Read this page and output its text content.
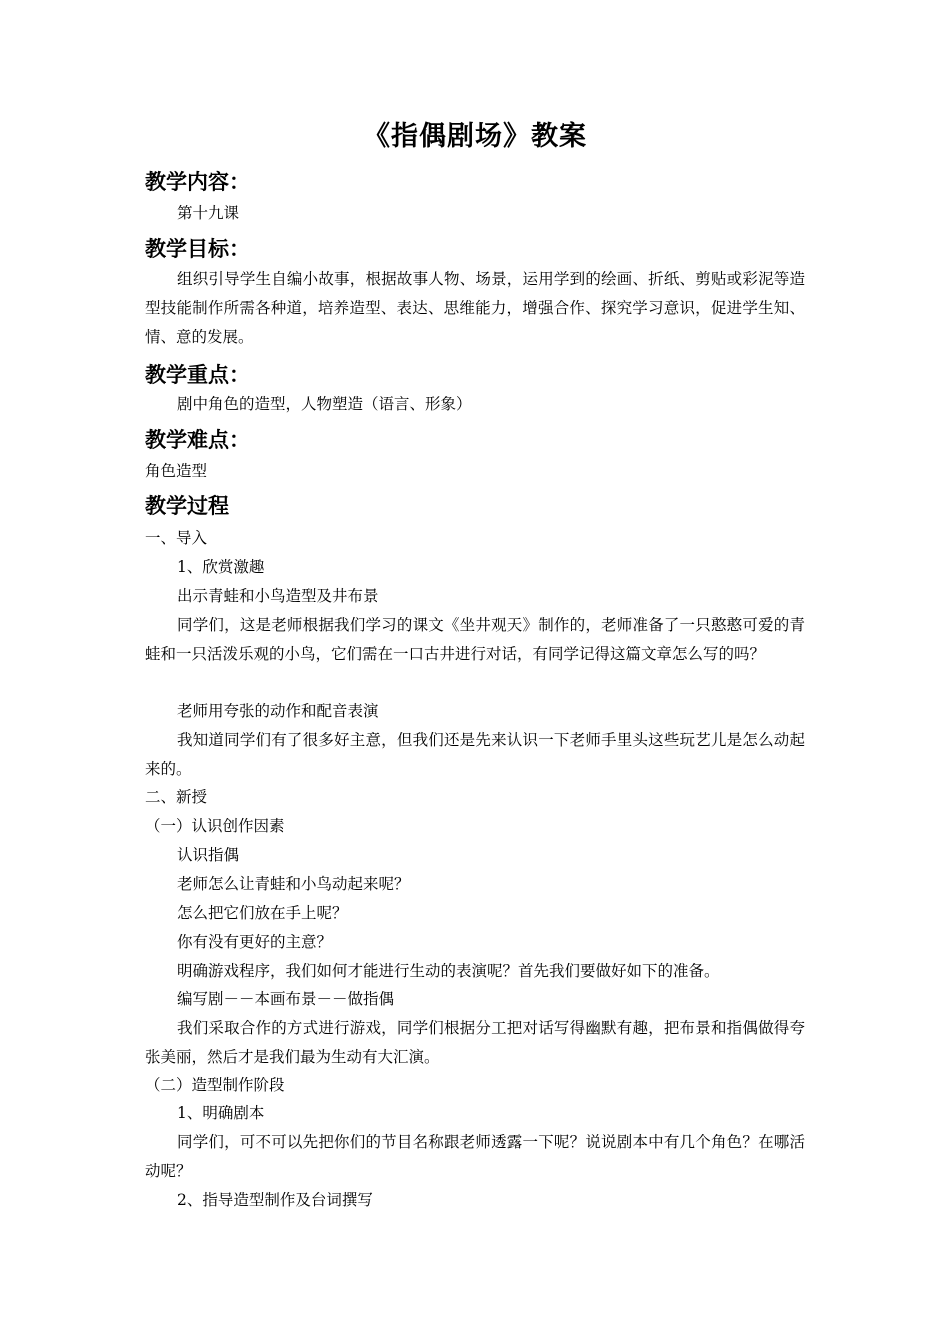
《指偶剧场》教案
教学内容：
第十九课
教学目标：
组织引导学生自编小故事，根据故事人物、场景，运用学到的绘画、折纸、剪贴或彩泥等造型技能制作所需各种道，培养造型、表达、思维能力，增强合作、探究学习意识，促进学生知、情、意的发展。
教学重点：
剧中角色的造型，人物塑造（语言、形象）
教学难点：
角色造型
教学过程
一、导入
1、欣赏激趣
出示青蛙和小鸟造型及井布景
同学们，这是老师根据我们学习的课文《坐井观天》制作的，老师准备了一只憨憨可爱的青蛙和一只活泼乐观的小鸟，它们需在一口古井进行对话，有同学记得这篇文章怎么写的吗？
老师用夸张的动作和配音表演
我知道同学们有了很多好主意，但我们还是先来认识一下老师手里头这些玩艺儿是怎么动起来的。
二、新授
（一）认识创作因素
认识指偶
老师怎么让青蛙和小鸟动起来呢？
怎么把它们放在手上呢？
你有没有更好的主意？
明确游戏程序，我们如何才能进行生动的表演呢？首先我们要做好如下的准备。
编写剧－－本画布景－－做指偶
我们采取合作的方式进行游戏，同学们根据分工把对话写得幽默有趣，把布景和指偶做得夸张美丽，然后才是我们最为生动有大汇演。
（二）造型制作阶段
1、明确剧本
同学们，可不可以先把你们的节目名称跟老师透露一下呢？说说剧本中有几个角色？在哪活动呢？
2、指导造型制作及台词撰写
